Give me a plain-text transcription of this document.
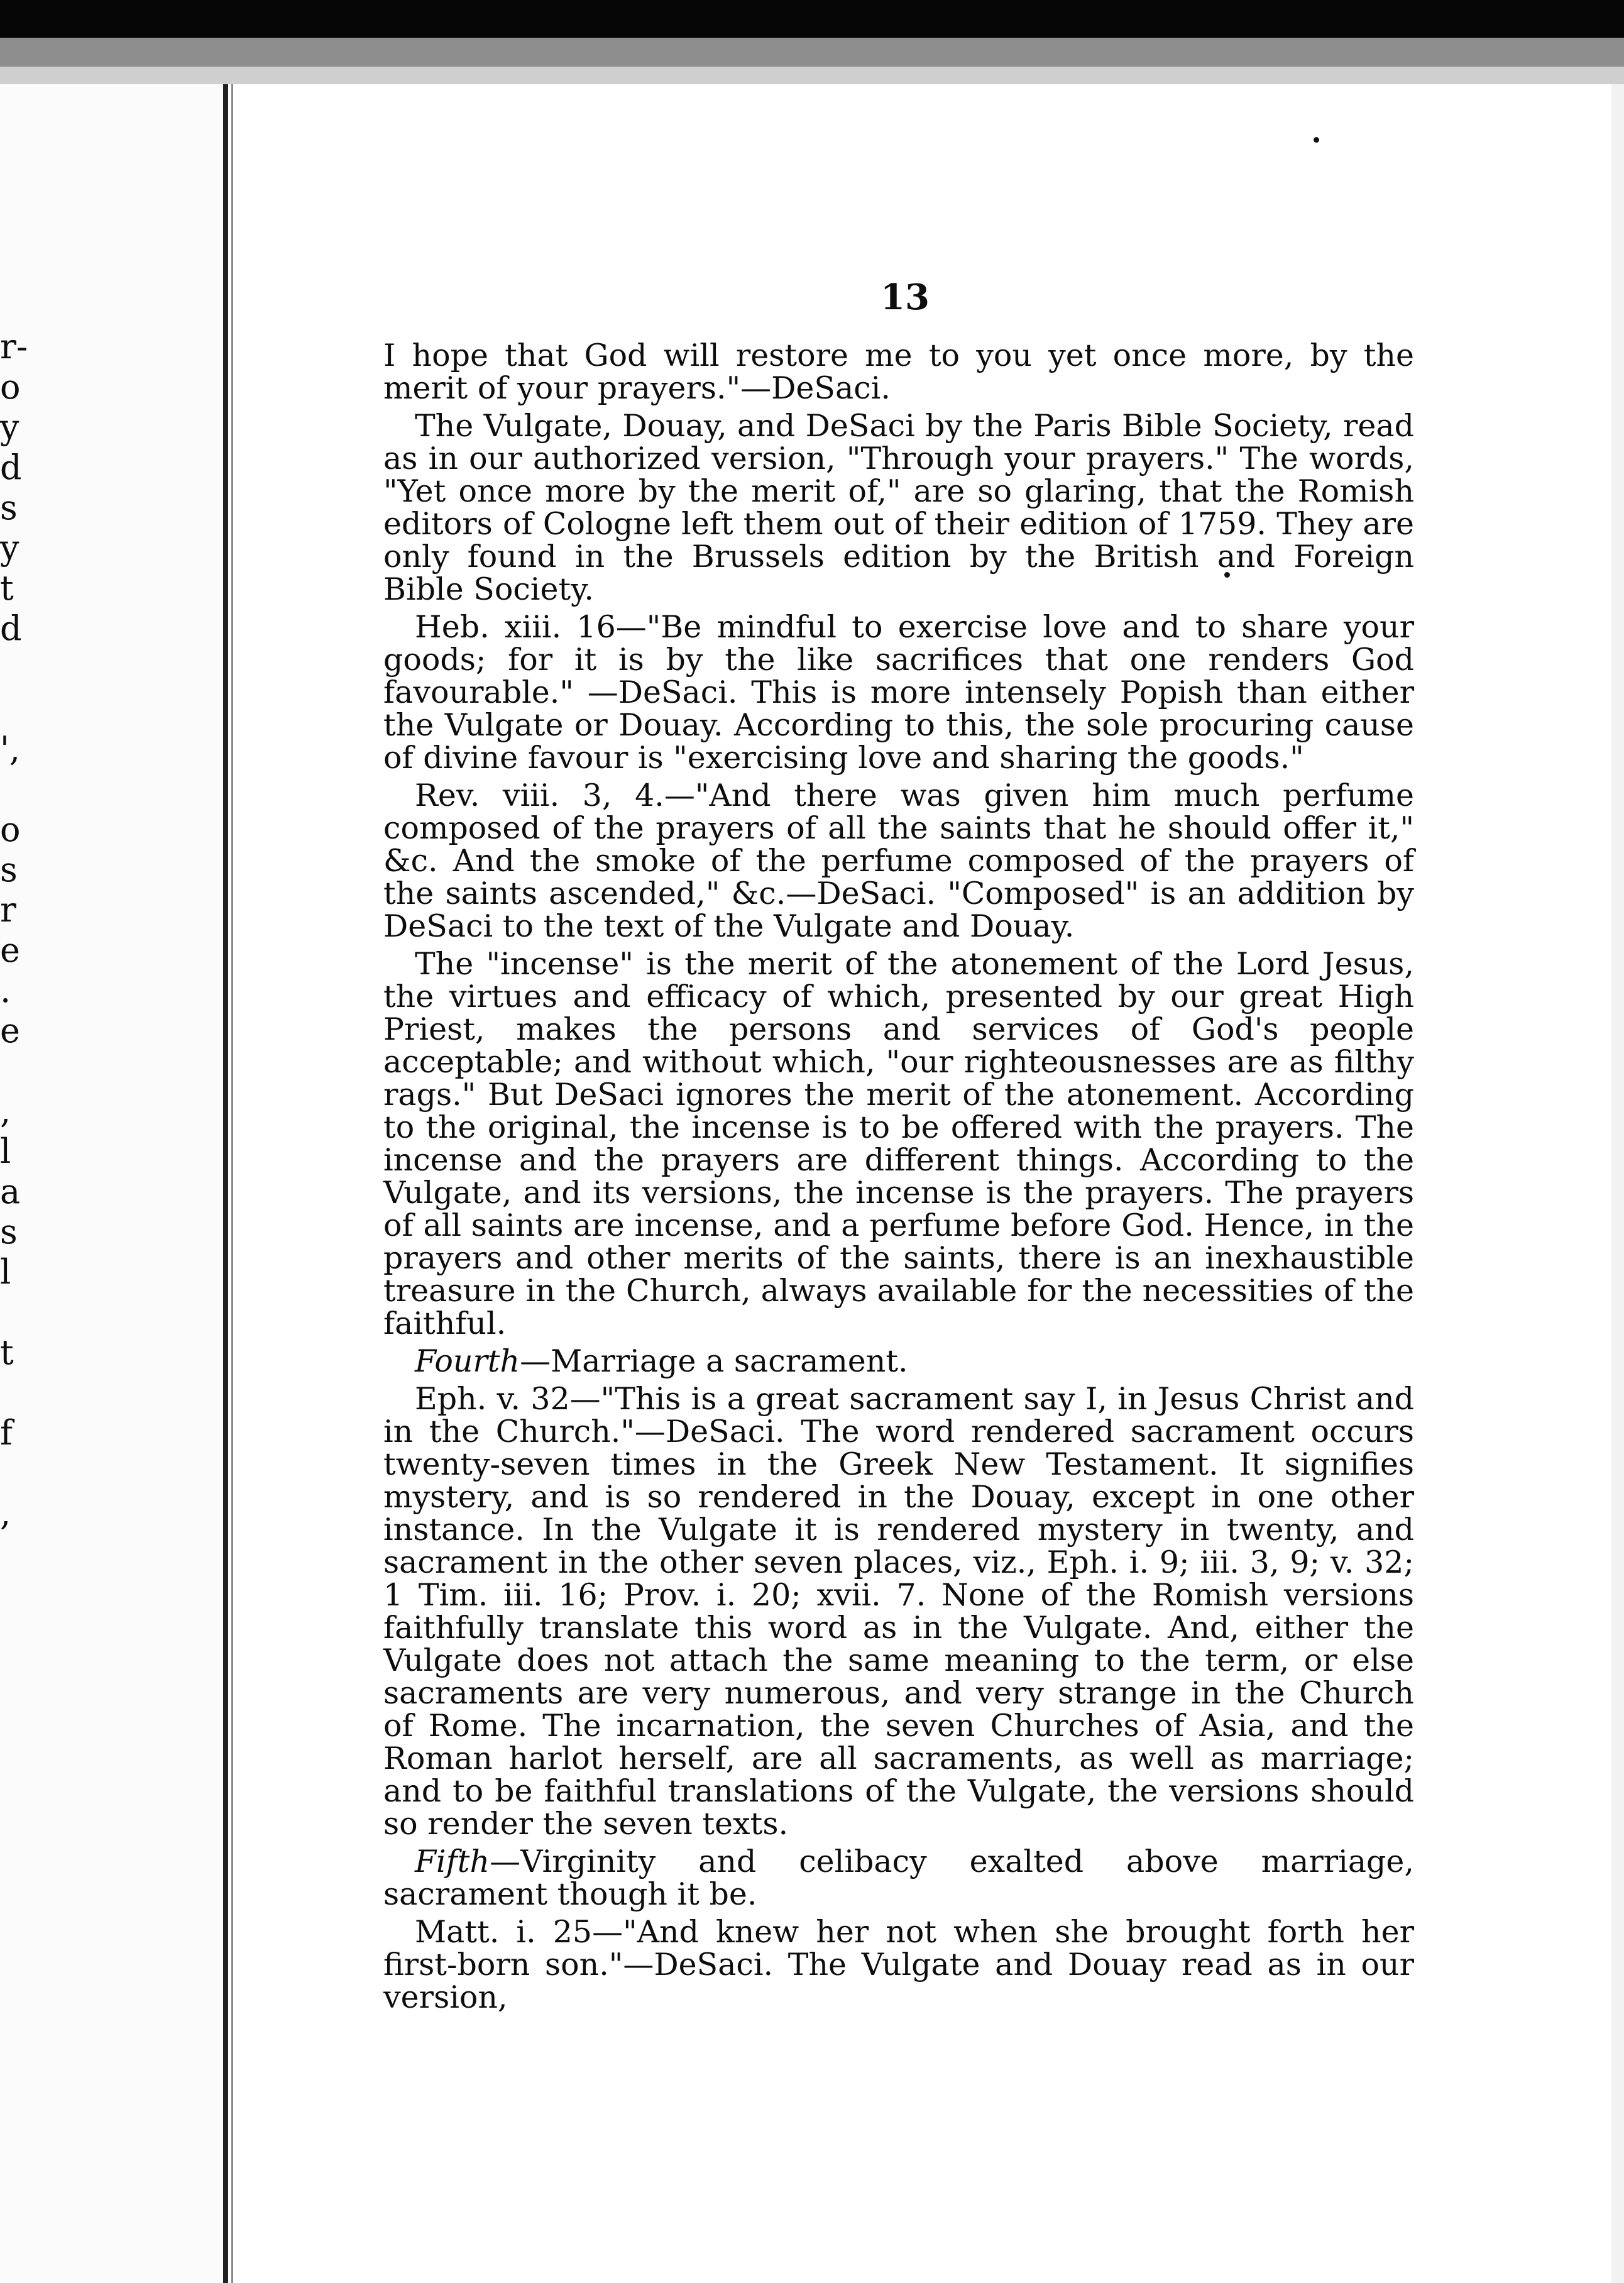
r-
o
y
d
s
y
t
d
',
o
s
r
e
.
e
,
l
a
s
l
t
f
,
13

I hope that God will restore me to you yet once more, by the merit of your prayers."—DeSaci.

The Vulgate, Douay, and DeSaci by the Paris Bible Society, read as in our authorized version, "Through your prayers." The words, "Yet once more by the merit of," are so glaring, that the Romish editors of Cologne left them out of their edition of 1759. They are only found in the Brussels edition by the British and Foreign Bible Society.

Heb. xiii. 16—"Be mindful to exercise love and to share your goods; for it is by the like sacrifices that one renders God favourable." —DeSaci. This is more intensely Popish than either the Vulgate or Douay. According to this, the sole procuring cause of divine favour is "exercising love and sharing the goods."

Rev. viii. 3, 4.—"And there was given him much perfume composed of the prayers of all the saints that he should offer it," &c. And the smoke of the perfume composed of the prayers of the saints ascended," &c.—DeSaci. "Composed" is an addition by DeSaci to the text of the Vulgate and Douay.

The "incense" is the merit of the atonement of the Lord Jesus, the virtues and efficacy of which, presented by our great High Priest, makes the persons and services of God's people acceptable; and without which, "our righteousnesses are as filthy rags." But DeSaci ignores the merit of the atonement. According to the original, the incense is to be offered with the prayers. The incense and the prayers are different things. According to the Vulgate, and its versions, the incense is the prayers. The prayers of all saints are incense, and a perfume before God. Hence, in the prayers and other merits of the saints, there is an inexhaustible treasure in the Church, always available for the necessities of the faithful.

Fourth—Marriage a sacrament.

Eph. v. 32—"This is a great sacrament say I, in Jesus Christ and in the Church."—DeSaci. The word rendered sacrament occurs twenty-seven times in the Greek New Testament. It signifies mystery, and is so rendered in the Douay, except in one other instance. In the Vulgate it is rendered mystery in twenty, and sacrament in the other seven places, viz., Eph. i. 9; iii. 3, 9; v. 32; 1 Tim. iii. 16; Prov. i. 20; xvii. 7. None of the Romish versions faithfully translate this word as in the Vulgate. And, either the Vulgate does not attach the same meaning to the term, or else sacraments are very numerous, and very strange in the Church of Rome. The incarnation, the seven Churches of Asia, and the Roman harlot herself, are all sacraments, as well as marriage; and to be faithful translations of the Vulgate, the versions should so render the seven texts.

Fifth—Virginity and celibacy exalted above marriage, sacrament though it be.

Matt. i. 25—"And knew her not when she brought forth her first-born son."—DeSaci. The Vulgate and Douay read as in our version,
